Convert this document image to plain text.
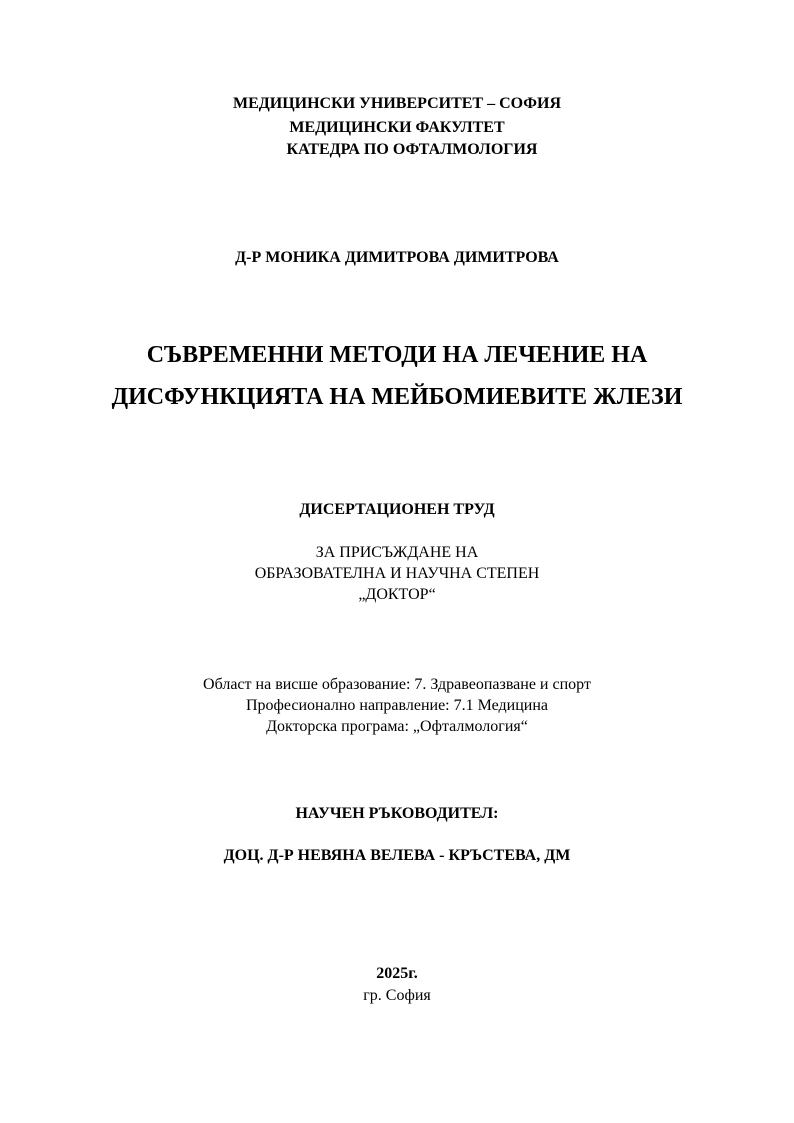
МЕДИЦИНСКИ УНИВЕРСИТЕТ – СОФИЯ
МЕДИЦИНСКИ ФАКУЛТЕТ
КАТЕДРА ПО ОФТАЛМОЛОГИЯ
Д-Р МОНИКА ДИМИТРОВА ДИМИТРОВА
СЪВРЕМЕННИ МЕТОДИ НА ЛЕЧЕНИЕ НА
ДИСФУНКЦИЯТА НА МЕЙБОМИЕВИТЕ ЖЛЕЗИ
ДИСЕРТАЦИОНЕН ТРУД
ЗА ПРИСЪЖДАНЕ НА
ОБРАЗОВАТЕЛНА И НАУЧНА СТЕПЕН
„ДОКТОР“
Област на висше образование: 7. Здравеопазване и спорт
Професионално направление: 7.1 Медицина
Докторска програма: „Офталмология“
НАУЧЕН РЪКОВОДИТЕЛ:
ДОЦ. Д-Р НЕВЯНА ВЕЛЕВА - КРЪСТЕВА, ДМ
2025г.
гр. София
